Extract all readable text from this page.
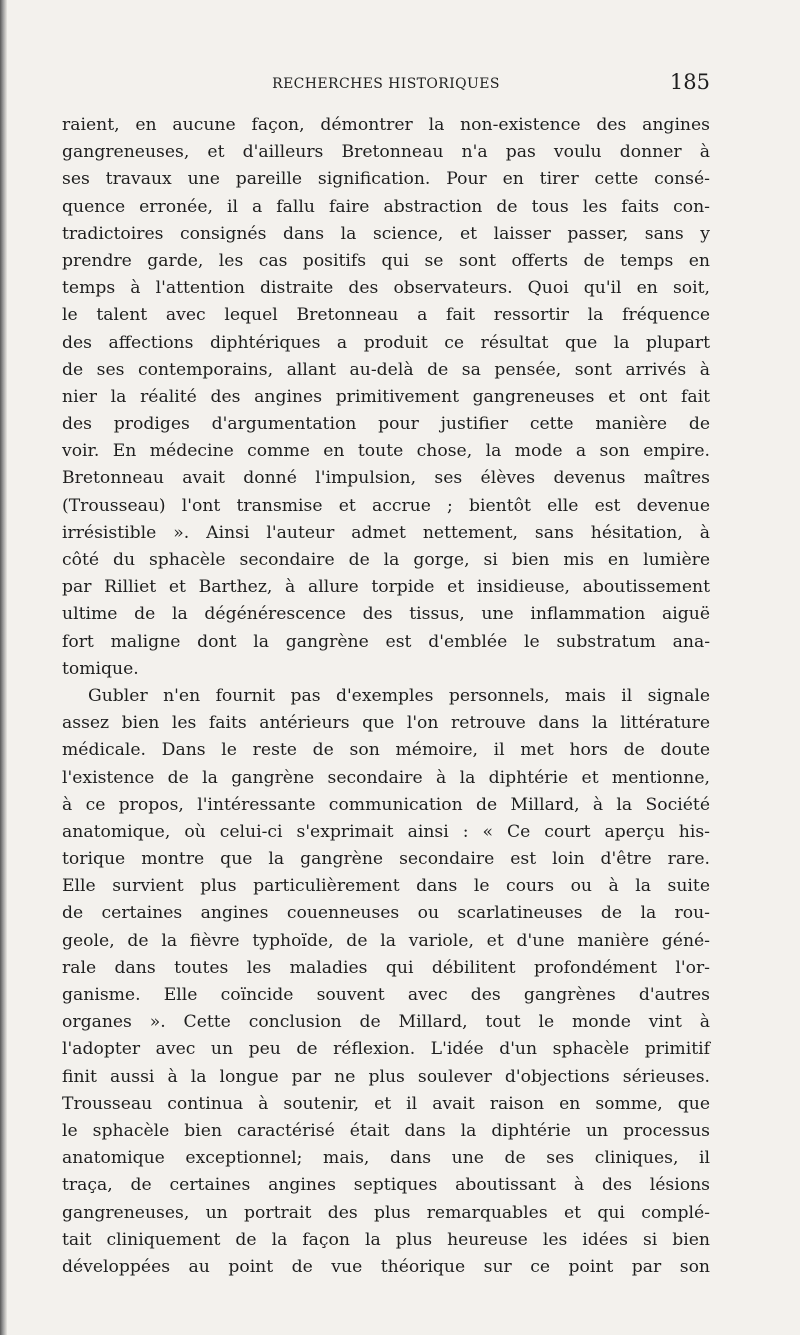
RECHERCHES HISTORIQUES	185
raient, en aucune façon, démontrer la non-existence des angines
gangreneuses, et d'ailleurs Bretonneau n'a pas voulu donner à
ses travaux une pareille signification. Pour en tirer cette consé-
quence erronée, il a fallu faire abstraction de tous les faits con-
tradictoires consignés dans la science, et laisser passer, sans y
prendre garde, les cas positifs qui se sont offerts de temps en
temps à l'attention distraite des observateurs. Quoi qu'il en soit,
le talent avec lequel Bretonneau a fait ressortir la fréquence
des affections diphtériques a produit ce résultat que la plupart
de ses contemporains, allant au-delà de sa pensée, sont arrivés à
nier la réalité des angines primitivement gangreneuses et ont fait
des prodiges d'argumentation pour justifier cette manière de
voir. En médecine comme en toute chose, la mode a son empire.
Bretonneau avait donné l'impulsion, ses élèves devenus maîtres
(Trousseau) l'ont transmise et accrue ; bientôt elle est devenue
irrésistible ». Ainsi l'auteur admet nettement, sans hésitation, à
côté du sphacèle secondaire de la gorge, si bien mis en lumière
par Rilliet et Barthez, à allure torpide et insidieuse, aboutissement
ultime de la dégénérescence des tissus, une inflammation aiguë
fort maligne dont la gangrène est d'emblée le substratum ana-
tomique.
Gubler n'en fournit pas d'exemples personnels, mais il signale
assez bien les faits antérieurs que l'on retrouve dans la littérature
médicale. Dans le reste de son mémoire, il met hors de doute
l'existence de la gangrène secondaire à la diphtérie et mentionne,
à ce propos, l'intéressante communication de Millard, à la Société
anatomique, où celui-ci s'exprimait ainsi : « Ce court aperçu his-
torique montre que la gangrène secondaire est loin d'être rare.
Elle survient plus particulièrement dans le cours ou à la suite
de certaines angines couenneuses ou scarlatineuses de la rou-
geole, de la fièvre typhoïde, de la variole, et d'une manière géné-
rale dans toutes les maladies qui débilitent profondément l'or-
ganisme. Elle coïncide souvent avec des gangrènes d'autres
organes ». Cette conclusion de Millard, tout le monde vint à
l'adopter avec un peu de réflexion. L'idée d'un sphacèle primitif
finit aussi à la longue par ne plus soulever d'objections sérieuses.
Trousseau continua à soutenir, et il avait raison en somme, que
le sphacèle bien caractérisé était dans la diphtérie un processus
anatomique exceptionnel; mais, dans une de ses cliniques, il
traça, de certaines angines septiques aboutissant à des lésions
gangreneuses, un portrait des plus remarquables et qui complé-
tait cliniquement de la façon la plus heureuse les idées si bien
développées au point de vue théorique sur ce point par son
